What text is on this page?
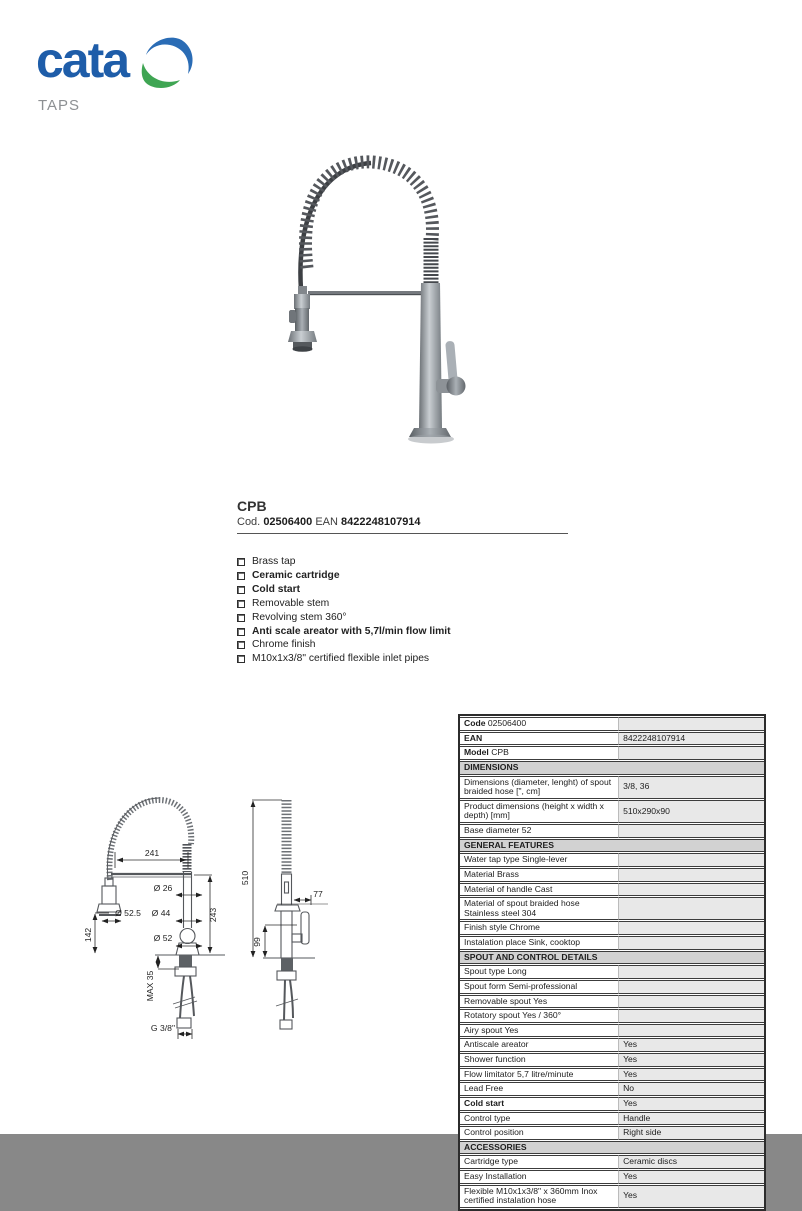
cata
TAPS
CPB
Cod. 02506400 EAN 8422248107914
Brass tap
Ceramic cartridge
Cold start
Removable stem
Revolving stem 360°
Anti scale areator with 5,7l/min flow limit
Chrome finish
M10x1x3/8" certified flexible inlet pipes
241
Ø 26
Ø 52.5 Ø 44
142
243
Ø 52
MAX 35
G 3/8"
510
99
77
Code 02506400	
EAN	8422248107914
Model CPB	
DIMENSIONS	
Dimensions (diameter, lenght) of spout braided hose [", cm]	3/8, 36
Product dimensions (height x width x depth) [mm]	510x290x90
Base diameter 52	
GENERAL FEATURES	
Water tap type Single-lever	
Material Brass	
Material of handle Cast	
Material of spout braided hose Stainless steel 304	
Finish style Chrome	
Instalation place Sink, cooktop	
SPOUT AND CONTROL DETAILS	
Spout type Long	
Spout form Semi-professional	
Removable spout Yes	
Rotatory spout Yes / 360°	
Airy spout Yes	
Antiscale areator	Yes
Shower function	Yes
Flow limitator 5,7 litre/minute	Yes
Lead Free	No
Cold start	Yes
Control type	Handle
Control position	Right side
ACCESSORIES	
Cartridge type	Ceramic discs
Easy Installation	Yes
Flexible M10x1x3/8" x 360mm Inox certified instalation hose	Yes
